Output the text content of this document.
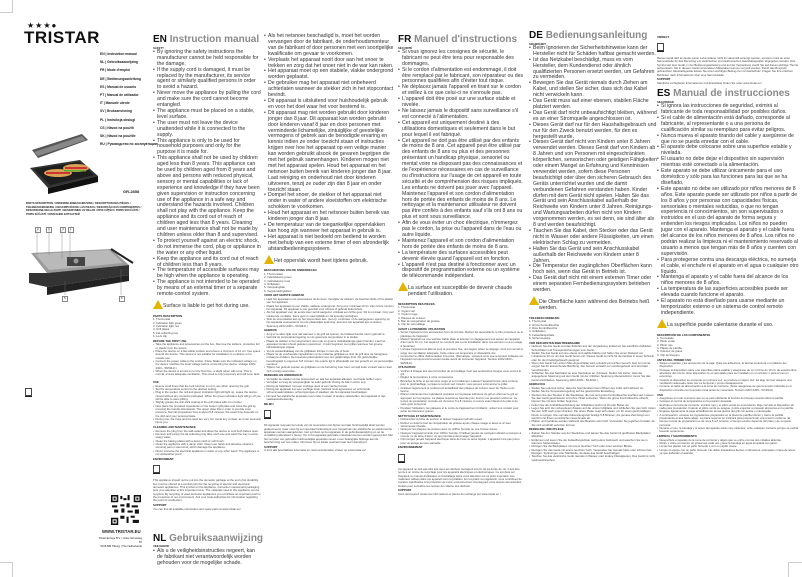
★★★●
TRISTAR
EN | Instruction manual
NL | Gebruiksaanwijzing
FR | Mode d'emploi
DE | Bedienungsanleitung
ES | Manual de usuario
PT | Manual de utilizador
IT | Manuale utente
SV | Bruksanvisning
PL | Instrukcja obsługi
CS | Návod na použití
SK | Návod na použitie
RU | Руководство по эксплуатации
GR-2858
PARTS DESCRIPTION / ONDERDELENBESCHRIJVING / DESCRIPTION DES PIÈCES / TEILEBESCHREIBUNG / DESCRIPCIÓN DE LAS PIEZAS / DESCRIÇÃO DAS COMPONENTES / DESCRIZIONE DELLE PARTI / BESKRIVNING AV DELAR / OPIS CZĘŚCI / POPIS SOUČÁSTÍ / POPIS SÚČASTÍ / ОПИСАНИЕ ЗАПЧАСТЕЙ
2	3	4	1
5	6
WWW.TRISTAR.EU
Tristar Europe B.V. | Jules Verneweg 87
5015 BM Tilburg | The Netherlands
EN Instruction manual
SAFETY
• By ignoring the safety instructions the manufacturer cannot be held responsible for the damage.
• If the supply cord is damaged, it must be replaced by the manufacturer, its service agent or similarly qualified persons in order to avoid a hazard.
• Never move the appliance by pulling the cord and make sure the cord cannot become entangled.
• The appliance must be placed on a stable, level surface.
• The user must not leave the device unattended while it is connected to the supply.
• This appliance is only to be used for household purposes and only for the purpose it is made for.
• This appliance shall not be used by children aged less than 8 years. This appliance can be used by children aged from 8 years and above and persons with reduced physical, sensory or mental capabilities or lack of experience and knowledge if they have been given supervision or instruction concerning use of the appliance in a safe way and understand the hazards involved. Children shall not play with the appliance. Keep the appliance and its cord out of reach of children aged less than 8 years. Cleaning and user maintenance shall not be made by children unless older than 8 and supervised.
• To protect yourself against an electric shock, do not immerse the cord, plug or appliance in the water or any other liquid.
• Keep the appliance and its cord out of reach of children less than 8 years.
• The temperature of accessible surfaces may be high when the appliance is operating.
• The appliance is not intended to be operated by means of an external timer or a separate remote-control system.
Surface is liable to get hot during use.
PARTS DESCRIPTION
1. Thermostat
2. Indication light green
3. Indication light red
4. Grill plates
5. Fat collecting tray
6. Lock clip
BEFORE THE FIRST USE
• Take the appliance and accessories out the box. Remove the stickers, protective foil or plastic from the device.
• Place the device on a flat stable surface and ensure a minimum of 10 cm. free space around the device. This device is not suitable for installation in a cabinet or for outside use.
• Connect the power cable to the socket. (Note: Make sure the indicated voltage on the device matches the local voltage before connecting the device. Voltage 220V-240V~ 50/60Hz.)
• When the device is turned on for the first time, a slight odour will occur. This is normal, ensure adequate ventilation. This smell is only temporary and will soon fade.
USE
• Ensure at all times that the lock function is not in use when opening the grill.
• Set the temperature control to the desired setting.
• Plug in the socket, the red and green indication light will light up. Leave the device closed without any contents preheated. When the green indication light will go off you will be able to start grilling.
• Slightly grease the anti stick coating of the grill plates with oil or butter.
• Now place the prepared ingredients on the bottom grill plate and close the grill by pressing the handle downwards. The upper plate tilts in order to provide even pressure. Normal preparation time is about 5-8 minutes; the exact time depends on the dish and your personal taste.
• During use, the trays and the steel are very hot. Avoid any contact, as it can seriously injure you.
CLEANING AND MAINTENANCE
• Remove the plug from the wall outlet and allow the device to cool both halves open.
• Remove and empty the fat collecting tray after each use and wash the tray in warm, soapy water.
• Clean the baking plates with a damp cloth or soft brush.
• Clean the appliance with a damp cloth. Never use harsh and abrasive cleaners, scouring pad or steel wool, which damage the appliance.
• Never immerse the electrical appliance in water or any other liquid. The appliance is not dishwasher proof.
ENVIRONMENT
This appliance should not be put into the domestic garbage at the end of its durability, but must be offered at a central point for the recycling of electric and electronic domestic appliances. This symbol on the appliance, instruction manual and packaging puts your attention to this important issue. The materials used in this appliance can be recycled. By recycling of used domestic appliances you contribute an important push to the protection of our environment. Ask your local authorities for information regarding the point of recollection.
SUPPORT
You can find all available information and spare parts at www.tristar.eu!
NL Gebruiksaanwijzing
VEILIGHEID
• Als u de veiligheidsinstructies negeert, kan de fabrikant niet verantwoordelijk worden gehouden voor de mogelijke schade.
• Als het netsnoer beschadigd is, moet het worden vervangen door de fabrikant, de onderhoudsmonteur van de fabrikant of door personen met een soortgelijke kwalificatie om gevaar te voorkomen.
• Verplaats het apparaat nooit door aan het snoer te trekken en zorg dat het snoer niet in de war kan raken.
• Het apparaat moet op een stabiele, vlakke ondergrond worden geplaatst.
• De gebruiker mag het apparaat niet onbeheerd achterlaten wanneer de stekker zich in het stopcontact bevindt.
• Dit apparaat is uitsluitend voor huishoudelijk gebruik en voor het doel waar het voor bestemd is.
• Dit apparaat mag niet worden gebruikt door kinderen jonger dan 8 jaar. Dit apparaat kan worden gebruikt door kinderen vanaf 8 jaar en door personen met verminderde lichamelijke, zintuiglijke of geestelijke vermogens of gebrek aan de benodigde ervaring en kennis indien ze onder toezicht staan of instructies krijgen over hoe het apparaat op een veilige manier kan worden gebruikt alsook de gevaren begrijpen die met het gebruik samenhangen. Kinderen mogen niet met het apparaat spelen. Houd het apparaat en het netsnoer buiten bereik van kinderen jonger dan 8 jaar. Laat reiniging en onderhoud niet door kinderen uitvoeren, tenzij ze ouder zijn dan 8 jaar en onder toezicht staan.
• Dompel het snoer, de stekker of het apparaat niet onder in water of andere vloeistoffen om elektrische schokken te voorkomen.
• Houd het apparaat en het netsnoer buiten bereik van kinderen jonger dan 8 jaar.
• De temperatuur van de toegankelijke oppervlakken kan hoog zijn wanneer het apparaat in gebruik is.
• Het apparaat is niet bedoeld om bediend te worden met behulp van een externe timer of een afzonderlijk afstandbedieningssysteem.
Het oppervlak wordt heet tijdens gebruik.
BESCHRIJVING VAN DE ONDERDELEN
1. Thermostaat
2. Indicatielamp groen
3. Indicatielamp rood
4. Grillplaten
5. Vetopvangbak
6. Vergrendelingsklem
VOOR HET EERSTE GEBRUIK
• Haal het apparaat en de accessoires uit de doos. Verwijder de stickers, de beschermfolie of het plastic van het apparaat.
• Plaats het apparaat op een vlakke, stabiele ondergrond. Zorg voor minimaal 10 cm vrije ruimte rondom het apparaat. Dit apparaat is niet geschikt voor inbouw of gebruik buitenshuis.
• Als het apparaat voor de eerste keer wordt aangezet, ontstaat een lichte geur. Dit is normaal, zorg voor voldoende ventilatie. Deze geur is maar tijdelijk en zal spoedig verdwijnen.
• Sluit de stroomkabel aan op het stopcontact aan. (Let op: controleer of de aangegeven spanning op het apparaat overeenkomt met de plaatselijke spanning, alvorens het apparaat aan te sluiten. Spanning 220V-240V~ 50-60Hz.)
GEBRUIK
• Zorg er te allen tijde voor dat wanneer u de grill wil openen, de blokkeerfunctie niet in gebruik is.
• Gebruik de temperatuurregeling om de gewenste temperatuur in te stellen.
• Plaats de stekker in het stopcontact. Het rode en groene indicatielampje gaan branden. Laat het apparaat zonder inhoud gesloten opwarmen. U kunt beginnen met grillen wanneer het groene indicatielampje uitgaat.
• Vet de antiaanbaklaag van de grillplaten lichtjes in met olie of boter.
• Plaats nu de voorbereide ingrediënten op de onderste grillplaat en sluit de grill door de handgreep omlaag te drukken. De bovenste plaat kantelt voor een gelijkmatige druk. De gebruikelijke bereidingstijd is ongeveer 5-8 minuten. De exacte tijd is afhankelijk van het gerecht en uw persoonlijke voorkeur.
• Tijdens het gebruik worden de grillplaten en de behuizing zeer heet; vermijd ieder contact want u kunt zich ernstig verwonden.
REINIGING EN ONDERHOUD
• Verwijder de stekker uit het stopcontact en laat het apparaat afkoelen met beide helften open.
• Verwijder en leeg de vetopvangbak na ieder gebruik. Reinig de bak in warm sop.
• Reinig de bakplaten met een vochtige doek of een zachte borstel.
• Reinig het apparaat met een vochtige doek. Gebruik nooit agressieve en schurende schoonmaakmiddelen, schuursponsjes of staalwol, die het apparaat beschadigen.
• Dompel het elektrische apparaat nooit onder in water of andere vloeistoffen. Het apparaat is niet vaatwasserbestendig.
MILIEU
Dit apparaat mag aan het einde van de levensduur niet bij het normale huishoudelijk afval worden gedeponeerd, maar moet bij een speciaal inzamelpunt voor hergebruik van elektrische en elektronische apparaten worden aangeboden. Het symbool op het apparaat, in de gebruiksaanwijzing en op de verpakking attendeert u hierop. De in het apparaat gebruikte materialen kunnen worden gerecycled. Met het recyclen van gebruikte huishoudelijke apparaten levert u een belangrijke bijdrage aan de bescherming van ons milieu. Informeer bij uw lokale overheid naar het inzamelpunt.
SUPPORT
U kunt alle beschikbare informatie en reserveonderdelen vinden op www.tristar.eu!
FR Manuel d'instructions
SÉCURITÉ
• Si vous ignorez les consignes de sécurité, le fabricant ne peut être tenu pour responsable des dommages.
• Si le cordon d'alimentation est endommagé, il doit être remplacé par le fabricant, son réparateur ou des personnes qualifiées afin d'éviter tout risque.
• Ne déplacez jamais l'appareil en tirant sur le cordon et veillez à ce que celui-ci ne s'enroule pas.
• L'appareil doit être posé sur une surface stable et nivelée.
• Ne laissez jamais le dispositif sans surveillance s'il est connecté à l'alimentation.
• Cet appareil est uniquement destiné à des utilisations domestiques et seulement dans le but pour lequel il est fabriqué.
• Cet appareil ne doit pas être utilisé par des enfants de moins de 8 ans. Cet appareil peut être utilisé par des enfants de 8 ans ou plus et des personnes présentant un handicap physique, sensoriel ou mental voire ne disposant pas des connaissances et de l'expérience nécessaires en cas de surveillance ou d'instructions sur l'usage de cet appareil en toute sécurité et de compréhension des risques impliqués. Les enfants ne doivent pas jouer avec l'appareil. Maintenez l'appareil et son cordon d'alimentation hors de portée des enfants de moins de 8 ans. Le nettoyage et la maintenance utilisateur ne doivent pas être confiés à des enfants sauf s'ils ont 8 ans ou plus et sont sous surveillance.
• Afin de vous éviter un choc électrique, n'immergez pas le cordon, la prise ou l'appareil dans de l'eau ou autre liquide.
• Maintenez l'appareil et son cordon d'alimentation hors de portée des enfants de moins de 8 ans.
• La température des surfaces accessibles peut devenir élevée quand l'appareil est en fonction.
• L'appareil n'est pas destiné à fonctionner avec un dispositif de programmation externe ou un système de télécommande indépendant.
La surface est susceptible de devenir chaude pendant l'utilisation.
DESCRIPTION DES PIÈCES
1. Thermostat
2. Voyant vert
3. Voyant rouge
4. Plaques de cuisson
5. Bac de récupération de graisse
6. Clip de verrouillage
AVANT LA PREMIÈRE UTILISATION
• Sortez l'appareil et les accessoires hors de la boîte. Retirez les autocollants, le film protecteur ou le plastique de l'appareil.
• Mettez l'appareil sur une surface stable plate et assurez un dégagement tout autour de l'appareil d'au moins 10 cm. Cet appareil ne convient pas à une installation dans une armoire ou à un usage à l'extérieur.
• Lorsque l'appareil est allumé pour la première fois, une légère odeur se dégage. Ceci est normal et exige une ventilation adéquate. Cette odeur est temporaire et disparaîtra vite.
• Connectez le câble d'alimentation à la prise. (Remarque : Assurez-vous que la tension indiquée sur l'appareil correspond à la tension locale avant de connecter l'appareil. Tension 220V-240V~ 50/60Hz).
UTILISATION
• Vérifiez à chaque fois que la fonction de verrouillage n'est pas enclenchée lorsque vous ouvrez le gril.
• Réglez la température à votre convenance.
• Branchez la fiche et les témoins rouge et vert s'allument. Laissez l'appareil fermé sans contenu pour le préchauffage. Lorsque le témoin vert s'éteint, vous pouvez commencer à griller.
• Graissez légèrement le revêtement antiadhésif des plaques de cuisson avec de l'huile ou du beurre.
• Placez maintenant les ingrédients préparés sur la plaque inférieure du gril et refermez le gril en appuyant sur la poignée. La plaque supérieure bascule pour fournir une pression uniforme. La temps de préparation normale est d'environ 5 à 8 minutes, le temps exact dépend du plat et de votre goût personnel.
• Pendant l'utilisation, les plateaux et le corps de l'appareil sont brûlants ; évitez tout contact pour éviter les blessures graves.
NETTOYAGE ET MAINTENANCE
• Débranchez la fiche du secteur et laissez l'appareil refroidir ouvert.
• Retirez et videz le bac de récupération de graisse après chaque usage et lavez-le à l'eau savonneuse chaude.
• Nettoyez les plaques de cuisson avec un chiffon humide ou une brosse douce.
• Nettoyez l'appareil à l'aide d'un chiffon humide. N'utilisez jamais de nettoyant abrasif ou tampon à récurer ou de laine d'acier, ce qui pourrait endommager l'appareil.
• N'immergez jamais l'appareil électrique dans de l'eau ou autre liquide. L'appareil n'est pas prévu pour un lavage au lave-vaisselle.
ENVIRONNEMENT
Cet appareil ne doit pas être jeté avec les déchets ménagers à la fin de sa durée de vie, il doit être remis à un centre de recyclage pour les appareils électriques et électroniques. Ce symbole sur l'appareil, le manuel d'utilisation et l'emballage attire votre attention sur ce point important. Les matériaux utilisés dans cet appareil sont recyclables. En recyclant vos appareils, vous contribuez de manière significative à la protection de notre environnement. Renseignez-vous auprès des autorités locales pour connaître les centres de collecte des déchets.
SUPPORT
Vous retrouverez toutes les informations et pièces de rechange sur www.tristar.eu !
DE Bedienungsanleitung
SICHERHEIT
• Beim Ignorieren der Sicherheitshinweise kann der Hersteller nicht für Schäden haftbar gemacht werden.
• Ist das Netzkabel beschädigt, muss es vom Hersteller, dem Kundendienst oder ähnlich qualifizierten Personen ersetzt werden, um Gefahren zu vermeiden.
• Bewegen Sie das Gerät niemals durch Ziehen am Kabel, und stellen Sie sicher, dass sich das Kabel nicht verwickeln kann.
• Das Gerät muss auf einer ebenen, stabilen Fläche platziert werden.
• Das Gerät darf nicht unbeaufsichtigt bleiben, während es an einer Stromquelle angeschlossen ist.
• Dieses Gerät darf nur für den Haushaltsgebrauch und nur für den Zweck benutzt werden, für den es hergestellt wurde.
• Dieses Gerät darf nicht von Kindern unter 8 Jahren verwendet werden. Dieses Gerät darf von Kindern ab 8 Jahren und von Personen mit eingeschränkten körperlichen, sensorischen oder geistigen Fähigkeiten oder einem Mangel an Erfahrung und Kenntnissen verwendet werden, sofern diese Personen beaufsichtigt oder über den sicheren Gebrauch des Geräts unterrichtet wurden und die damit verbundenen Gefahren verstanden haben. Kinder dürfen mit dem Gerät nicht spielen. Halten Sie das Gerät und sein Anschlusskabel außerhalb der Reichweite von Kindern unter 8 Jahren. Reinigungs- und Wartungsarbeiten dürfen nicht von Kindern vorgenommen werden, es sei denn, sie sind älter als 8 und werden beaufsichtigt.
• Tauchen Sie das Kabel, den Stecker oder das Gerät nicht in Wasser oder andere Flüssigkeiten, um einen elektrischen Schlag zu vermeiden.
• Halten Sie das Gerät und sein Anschlusskabel außerhalb der Reichweite von Kindern unter 8 Jahren.
• Die Temperatur der zugänglichen Oberflächen kann hoch sein, wenn das Gerät in Betrieb ist.
• Das Gerät darf nicht mit einem externen Timer oder einem separaten Fernbedienungssystem betrieben werden.
Die Oberfläche kann während des Betriebs heiß werden.
TEILEBESCHREIBUNG
1. Thermostat
2. Grüne Kontrollleuchte
3. Rote Kontrollleuchte
4. Grillplatten
5. Fettauffangschale
6. Sicherungsclip
VOR DER ERSTEN INBETRIEBNAHME
• Nehmen Sie das Gerät und das Zubehör aus der Verpackung. Entfernen Sie sämtliche Aufkleber, Schutzfolien und Transportsicherungen vom Gerät.
• Stellen Sie das Gerät auf eine ebene und stabile Fläche und halten Sie einen Abstand von mindestens 10 cm um das Gerät herum ein. Dieses Gerät ist nicht für den Einbau in einen Schrank oder für den Freiluftgebrauch geeignet.
• Wenn das Gerät zum ersten Mal eingeschaltet wird, entsteht ein leichter Geruch. Das ist normal, sorgen Sie für ausreichende Belüftung. Der Geruch entsteht nur vorübergehend und wird bald verschwinden.
• Schließen Sie das Netzkabel an eine Steckdose an. (Hinweis: Stellen Sie sicher, dass die angegebene Spannung auf dem Gerät mit der örtlichen Spannung übereinstimmt, bevor Sie das Gerät anschließen. Spannung 220V-240V~ 50-60Hz.)
GEBRAUCH
• Stellen Sie jederzeit sicher, dass die Sperrfunktion beim Öffnen des Grills nicht aktiviert ist.
• Stellen Sie die Temperaturregelung auf die gewünschte Einstellung.
• Stecken Sie den Stecker in die Steckdose; die rote und grüne Kontrollleuchte leuchten auf. Lassen Sie das Gerät geschlossen und ohne Inhalt vorheizen. Wenn die grüne Kontrollleuchte erlischt, können Sie mit dem Grillen beginnen.
• Fetten Sie die Antihaftbeschichtung der Grillplatten leicht mit Öl oder Butter ein.
• Legen Sie jetzt die vorbereiteten Zutaten auf die untere Grillplatte und schließen Sie den Grill, indem Sie den Griff nach unten drücken. Die obere Platte neigt sich etwas, um für einen gleichmäßigen Druck zu sorgen. Die normale Zubereitungszeit beträgt 5-8 Minuten; die genaue Zeit hängt vom Gericht und Ihrem persönlichen Geschmack ab.
• Platten und Gehäuse werden während des Betriebs sehr heiß. Vermeiden Sie jeglichen Kontakt, da Sie sich ernsthaft verletzen können.
REINIGUNG UND PFLEGE
• Ziehen Sie den Stecker aus der Steckdose und lassen Sie das Gerät mit geöffneten Backplatten abkühlen.
• Entfernen und leeren Sie die Fettauffangschale nach jedem Gebrauch und waschen Sie sie in warmem Seifenwasser.
• Reinigen Sie die Backplatten mit einem feuchten Tuch oder einer weichen Bürste.
• Reinigen Sie das Gerät mit einem feuchten Tuch. Verwenden Sie niemals harte oder scheuernde Reiniger, Topfreiniger oder Stahlwolle, da diese das Gerät beschädigen.
• Tauchen Sie das elektrische Gerät niemals in Wasser oder andere Flüssigkeiten. Das Gerät ist nicht spülmaschinenfest.
UMWELT
Dieses Gerät darf am Ende seiner Lebensdauer nicht im Hausmüll entsorgt werden, sondern muss an einer Sammelstelle für das Recycling von elektrischen und elektronischen Haushaltsgeräten abgegeben werden. Das Symbol auf dem Gerät, in der Bedienungsanleitung und auf der Verpackung macht Sie auf dieses wichtige Thema aufmerksam. Die in diesem Gerät verwendeten Materialien können recycelt werden. Durch das Recyceln gebrauchter Haushaltsgeräte leisten Sie einen wichtigen Beitrag zum Umweltschutz. Fragen Sie Ihre örtlichen Behörden nach Informationen über eine Sammelstelle.
SUPPORT
Sämtliche verfügbaren Informationen und Ersatzteile finden Sie unter www.tristar.eu!
ES Manual de instrucciones
SEGURIDAD
• Si ignora las instrucciones de seguridad, eximirá al fabricante de toda responsabilidad por posibles daños.
• Si el cable de alimentación está dañado, corresponde al fabricante, al representante o a una persona de cualificación similar su reemplazo para evitar peligros.
• Nunca mueva el aparato tirando del cable y asegúrese de que no se pueda enredar con el cable.
• El aparato debe colocarse sobre una superficie estable y nivelada.
• El usuario no debe dejar el dispositivo sin supervisión mientras esté conectado a la alimentación.
• Este aparato se debe utilizar únicamente para el uso doméstico y sólo para las funciones para las que se ha diseñado.
• Este aparato no debe ser utilizado por niños menores de 8 años. Este aparato puede ser utilizado por niños a partir de los 8 años y por personas con capacidades físicas, sensoriales o mentales reducidas, o que no tengan experiencia ni conocimientos, sin son supervisados o instruidos en el uso del aparato de forma segura y entienden los riesgos implicados. Los niños no pueden jugar con el aparato. Mantenga el aparato y el cable fuera del alcance de los niños menores de 8 años. Los niños no podrán realizar la limpieza ni el mantenimiento reservado al usuario a menos que tengan más de 8 años y cuenten con supervisión.
• Para protegerse contra una descarga eléctrica, no sumerja el cable, el enchufe ni el aparato en el agua o cualquier otro líquido.
• Mantenga el aparato y el cable fuera del alcance de los niños menores de 8 años.
• La temperatura de las superficies accesibles puede ser elevada cuando funcione el aparato.
• El aparato no está diseñado para usarse mediante un temporizador externo o un sistema de control remoto independiente.
La superficie puede calentarse durante el uso.
DESCRIPCIÓN DE LOS COMPONENTES
1. Termostato
2. Piloto verde
3. Piloto rojo
4. Placas de parrilla
5. Colector de grasa
6. Clip de bloqueo
ANTES DEL PRIMER USO
• Saque el aparato y los accesorios de la caja. Quite los adhesivos, la lámina protectora o el plástico del dispositivo.
• Coloque el dispositivo sobre una superficie plana estable y asegúrese de un mínimo de 10 cm de espacio libre alrededor del mismo. Este dispositivo no es apropiado para ser instalado en un armario o para el uso en exteriores.
• Cuando el dispositivo se enciende por primera vez, se produce un ligero olor. Es algo normal, asegure una ventilación adecuada. Este olor es temporal y pronto desaparecerá.
• Conecte el cable de alimentación a la toma de corriente. (Nota: asegúrese de que la tensión indicada en el dispositivo coincida con la tensión local antes de conectarlo. Tensión 220V-240V~ 50-60Hz).
USO
• Asegúrese en todo momento que no se está utilizando la función de bloqueo cuando abra la parrilla.
• Coloque el control de temperatura en la posición deseada.
• Enchufe en la toma de corriente, el piloto rojo y el piloto verde se encenderán. Deje cerrado el dispositivo sin nada para precalentar. Cuando el piloto verde se apague, podrá empezar a preparar alimentos en la parrilla.
• Engrase ligeramente la capa antiadherente de las placas del grill con aceite o mantequilla.
• A continuación, coloque los ingredientes preparados en la placa de parrilla inferior y cierre la parrilla presionando el asa hacia abajo. La placa superior se inclinará para proporcionar una presión uniforme. El tiempo normal de preparación es de unos 5 a 8 minutos; el tiempo exacto depende del plato y de su gusto personal.
• Durante el uso, la bandeja y el acero del aparato están muy calientes; evite cualquier contacto porque se podría lesionar seriamente.
LIMPIEZA Y MANTENIMIENTO
• Desenchufe el aparato de la toma de corriente y déjelo que se enfríe con las dos mitades abiertas.
• Retire y vacíe el colector de grasa tras cada uso y lave la bandeja en agua templada con jabón.
• Limpie las placas con un paño húmedo o con un cepillo suave.
• Limpie el equipo con un paño húmedo. No utilice limpiadores fuertes ni abrasivos, estropajos ni lana de acero, ya que dañarían el aparato.
